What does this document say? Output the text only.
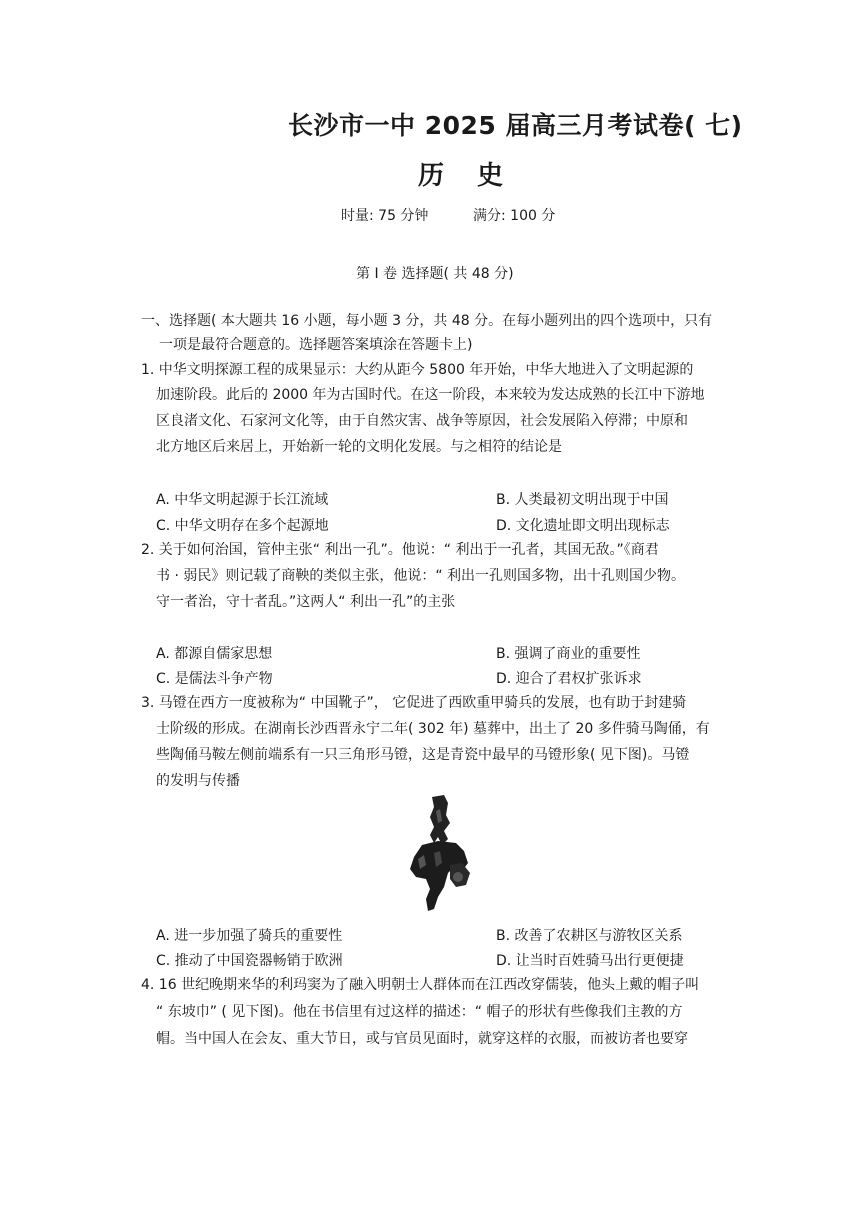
长沙市一中 2025 届高三月考试卷( 七)
历 史
时量: 75 分钟	满分: 100 分
第 Ⅰ 卷 选择题( 共 48 分)
一、选择题( 本大题共 16 小题，每小题 3 分，共 48 分。在每小题列出的四个选项中，只有
一项是最符合题意的。选择题答案填涂在答题卡上)
1. 中华文明探源工程的成果显示：大约从距今 5800 年开始，中华大地进入了文明起源的
加速阶段。此后的 2000 年为古国时代。在这一阶段，本来较为发达成熟的长江中下游地
区良渚文化、石家河文化等，由于自然灾害、战争等原因，社会发展陷入停滞；中原和
北方地区后来居上，开始新一轮的文明化发展。与之相符的结论是
A. 中华文明起源于长江流域	B. 人类最初文明出现于中国
C. 中华文明存在多个起源地	D. 文化遗址即文明出现标志
2. 关于如何治国，管仲主张“ 利出一孔”。他说：“ 利出于一孔者，其国无敌。”《商君
书 · 弱民》则记载了商鞅的类似主张，他说：“ 利出一孔则国多物，出十孔则国少物。
守一者治，守十者乱。”这两人“ 利出一孔”的主张
A. 都源自儒家思想	B. 强调了商业的重要性
C. 是儒法斗争产物	D. 迎合了君权扩张诉求
3. 马镫在西方一度被称为“ 中国靴子”， 它促进了西欧重甲骑兵的发展，也有助于封建骑
士阶级的形成。在湖南长沙西晋永宁二年( 302 年) 墓葬中，出土了 20 多件骑马陶俑，有
些陶俑马鞍左侧前端系有一只三角形马镫，这是青瓷中最早的马镫形象( 见下图)。马镫
的发明与传播
A. 进一步加强了骑兵的重要性	B. 改善了农耕区与游牧区关系
C. 推动了中国瓷器畅销于欧洲	D. 让当时百姓骑马出行更便捷
4. 16 世纪晚期来华的利玛窦为了融入明朝士人群体而在江西改穿儒装，他头上戴的帽子叫
“ 东坡巾” ( 见下图)。他在书信里有过这样的描述：“ 帽子的形状有些像我们主教的方
帽。当中国人在会友、重大节日，或与官员见面时，就穿这样的衣服，而被访者也要穿
